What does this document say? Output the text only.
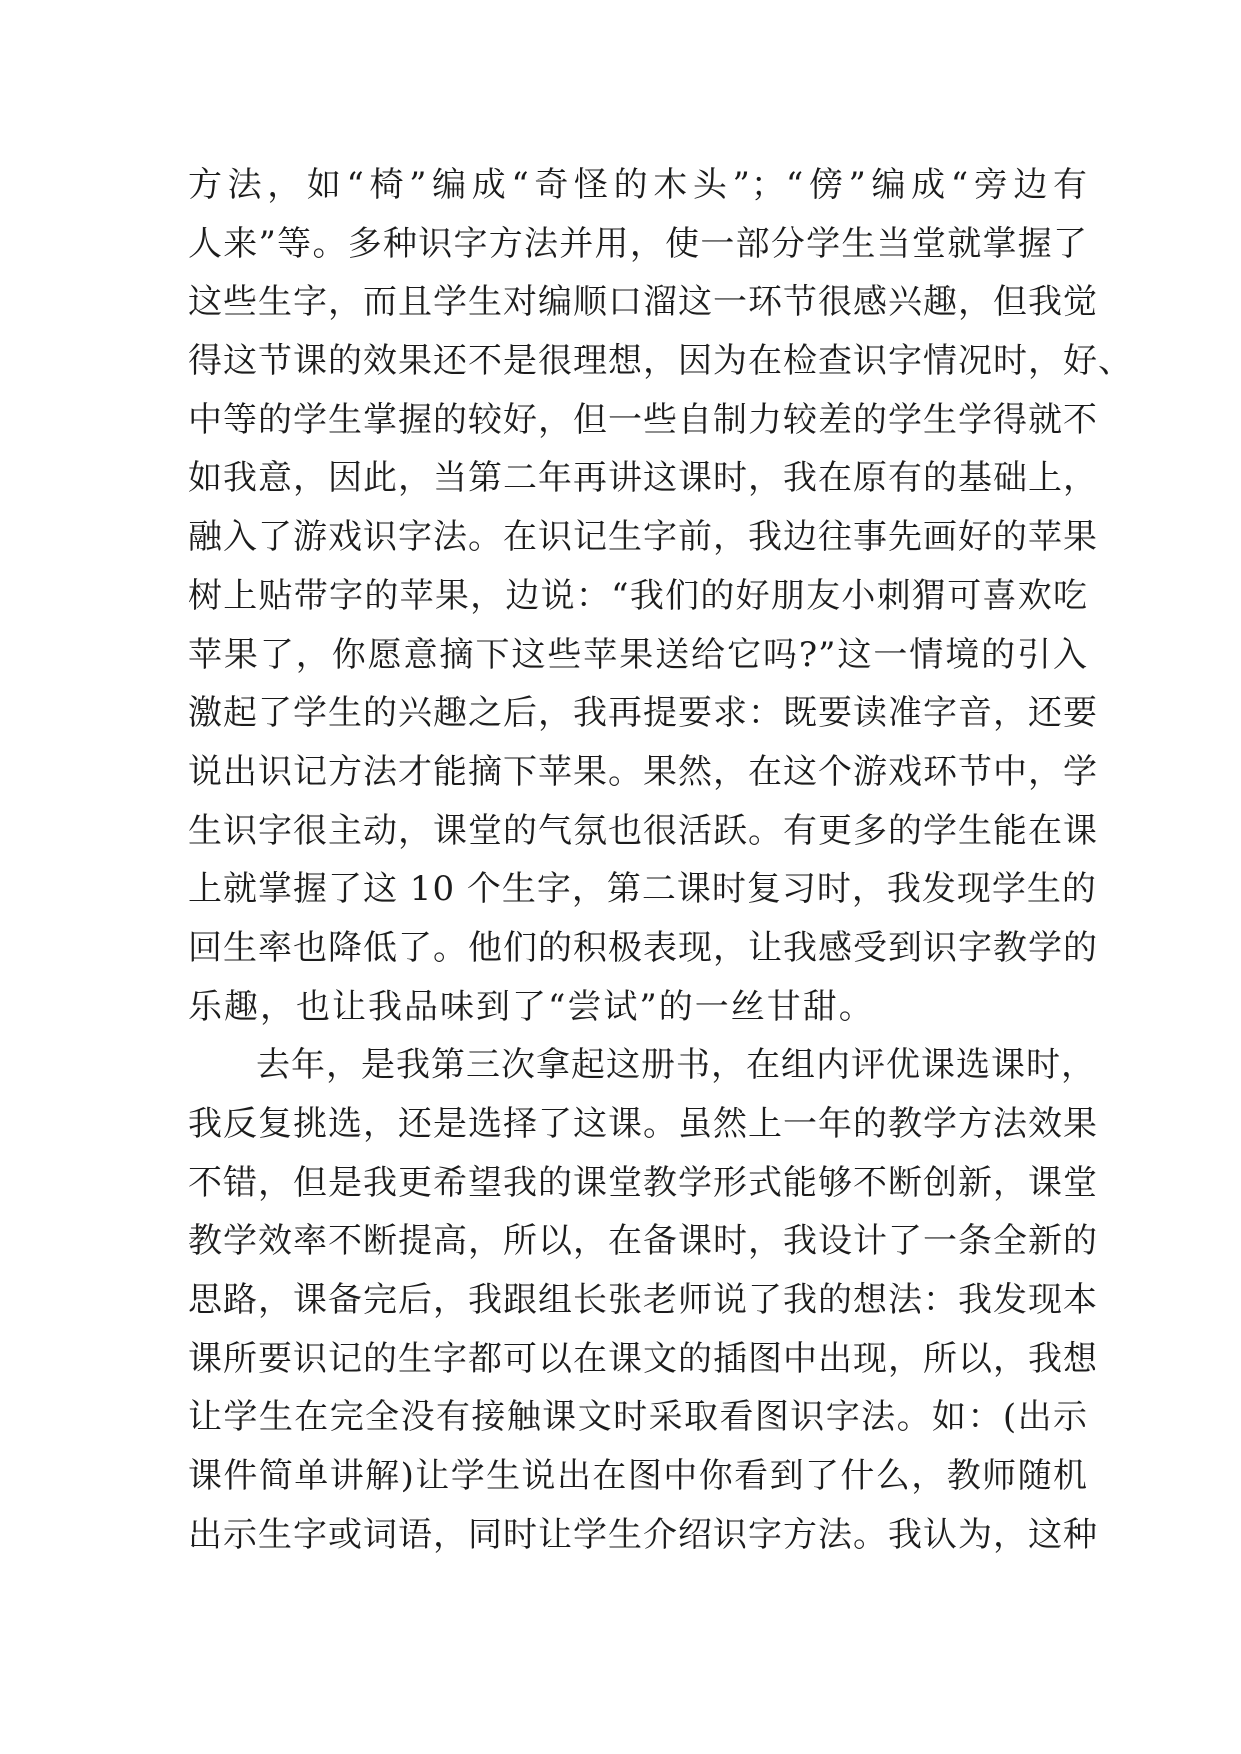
方法，如“椅”编成“奇怪的木头”；“傍”编成“旁边有
人来”等。多种识字方法并用，使一部分学生当堂就掌握了
这些生字，而且学生对编顺口溜这一环节很感兴趣，但我觉
得这节课的效果还不是很理想，因为在检查识字情况时，好、
中等的学生掌握的较好，但一些自制力较差的学生学得就不
如我意，因此，当第二年再讲这课时，我在原有的基础上，
融入了游戏识字法。在识记生字前，我边往事先画好的苹果
树上贴带字的苹果，边说：“我们的好朋友小刺猬可喜欢吃
苹果了，你愿意摘下这些苹果送给它吗?”这一情境的引入
激起了学生的兴趣之后，我再提要求：既要读准字音，还要
说出识记方法才能摘下苹果。果然，在这个游戏环节中，学
生识字很主动，课堂的气氛也很活跃。有更多的学生能在课
上就掌握了这 10 个生字，第二课时复习时，我发现学生的
回生率也降低了。他们的积极表现，让我感受到识字教学的
乐趣，也让我品味到了“尝试”的一丝甘甜。
去年，是我第三次拿起这册书，在组内评优课选课时，
我反复挑选，还是选择了这课。虽然上一年的教学方法效果
不错，但是我更希望我的课堂教学形式能够不断创新，课堂
教学效率不断提高，所以，在备课时，我设计了一条全新的
思路，课备完后，我跟组长张老师说了我的想法：我发现本
课所要识记的生字都可以在课文的插图中出现，所以，我想
让学生在完全没有接触课文时采取看图识字法。如：(出示
课件简单讲解)让学生说出在图中你看到了什么，教师随机
出示生字或词语，同时让学生介绍识字方法。我认为，这种
